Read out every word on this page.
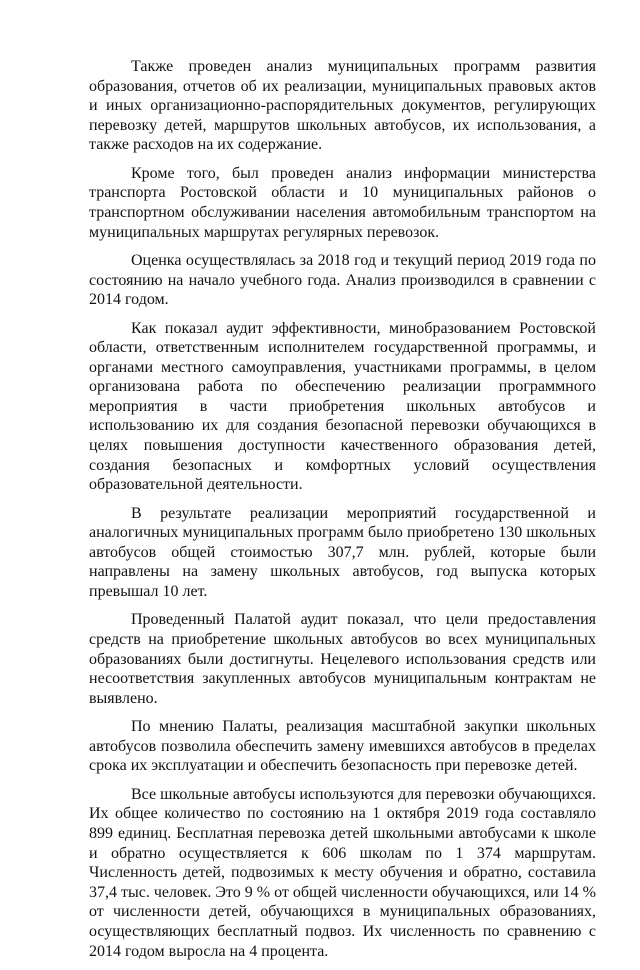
Также проведен анализ муниципальных программ развития образования, отчетов об их реализации, муниципальных правовых актов и иных организационно-распорядительных документов, регулирующих перевозку детей, маршрутов школьных автобусов, их использования, а также расходов на их содержание.

Кроме того, был проведен анализ информации министерства транспорта Ростовской области и 10 муниципальных районов о транспортном обслуживании населения автомобильным транспортом на муниципальных маршрутах регулярных перевозок.

Оценка осуществлялась за 2018 год и текущий период 2019 года по состоянию на начало учебного года. Анализ производился в сравнении с 2014 годом.

Как показал аудит эффективности, минобразованием Ростовской области, ответственным исполнителем государственной программы, и органами местного самоуправления, участниками программы, в целом организована работа по обеспечению реализации программного мероприятия в части приобретения школьных автобусов и использованию их для создания безопасной перевозки обучающихся в целях повышения доступности качественного образования детей, создания безопасных и комфортных условий осуществления образовательной деятельности.

В результате реализации мероприятий государственной и аналогичных муниципальных программ было приобретено 130 школьных автобусов общей стоимостью 307,7 млн. рублей, которые были направлены на замену школьных автобусов, год выпуска которых превышал 10 лет.

Проведенный Палатой аудит показал, что цели предоставления средств на приобретение школьных автобусов во всех муниципальных образованиях были достигнуты. Нецелевого использования средств или несоответствия закупленных автобусов муниципальным контрактам не выявлено.

По мнению Палаты, реализация масштабной закупки школьных автобусов позволила обеспечить замену имевшихся автобусов в пределах срока их эксплуатации и обеспечить безопасность при перевозке детей.

Все школьные автобусы используются для перевозки обучающихся. Их общее количество по состоянию на 1 октября 2019 года составляло 899 единиц. Бесплатная перевозка детей школьными автобусами к школе и обратно осуществляется к 606 школам по 1 374 маршрутам. Численность детей, подвозимых к месту обучения и обратно, составила 37,4 тыс. человек. Это 9 % от общей численности обучающихся, или 14 % от численности детей, обучающихся в муниципальных образованиях, осуществляющих бесплатный подвоз. Их численность по сравнению с 2014 годом выросла на 4 процента.
